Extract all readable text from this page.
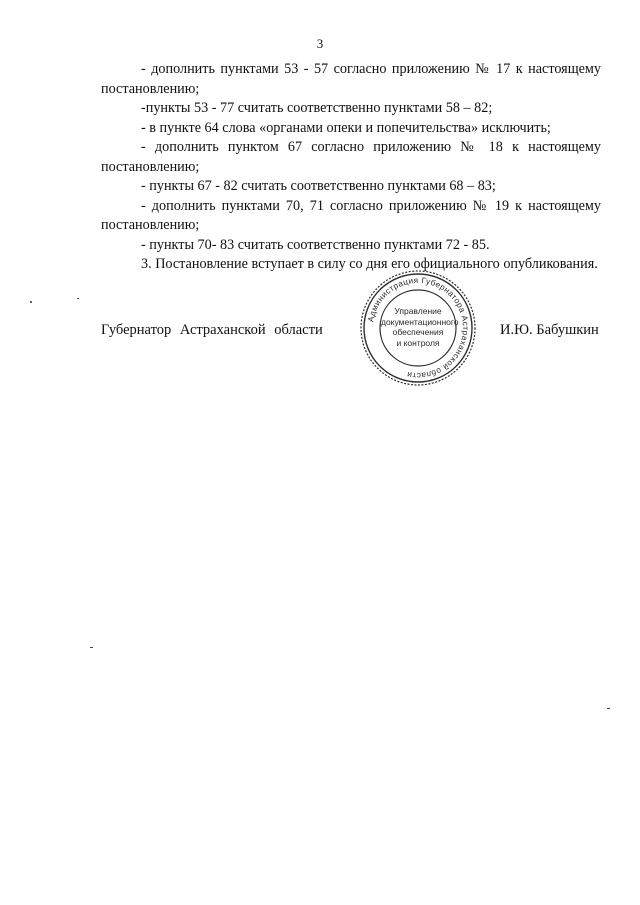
3

- дополнить пунктами 53 - 57 согласно приложению № 17 к настоящему постановлению;

-пункты 53 - 77 считать соответственно пунктами 58 – 82;

- в пункте 64 слова «органами опеки и попечительства» исключить;

- дополнить пунктом 67 согласно приложению № 18 к настоящему постановлению;

- пункты 67 - 82 считать соответственно пунктами 68 – 83;

- дополнить пунктами 70, 71 согласно приложению № 19 к настоящему постановлению;

- пункты 70- 83 считать соответственно пунктами 72 - 85.

3. Постановление вступает в силу со дня его официального опубликования.

Губернатор Астраханской области	И.Ю. Бабушкин
Администрация Губернатора Астраханской области
Управление
документационного
обеспечения
и контроля
